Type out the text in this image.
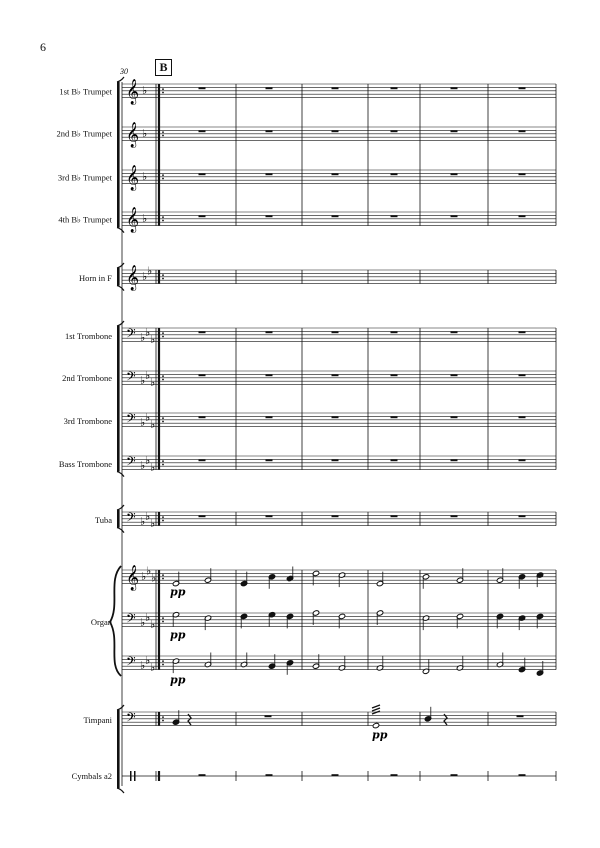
6
30	B
1st B♭ Trumpet
2nd B♭ Trumpet
3rd B♭ Trumpet
4th B♭ Trumpet
Horn in F
1st Trombone
2nd Trombone
3rd Trombone
Bass Trombone
Tuba
Organ
Timpani
Cymbals a2
𝄞 ♭
𝄞 ♭
𝄞 ♭
𝄞 ♭
𝄞 ♭ ♭
𝄢 ♭ ♭
♭
𝄢 ♭ ♭
♭
𝄢 ♭ ♭
♭
𝄢 ♭ ♭
♭
𝄢 ♭ ♭
♭
𝄞 ♭ ♭
♭
𝄢 ♭ ♭
♭
𝄢 ♭ ♭
♭
𝄢
pp
pp
pp
pp
